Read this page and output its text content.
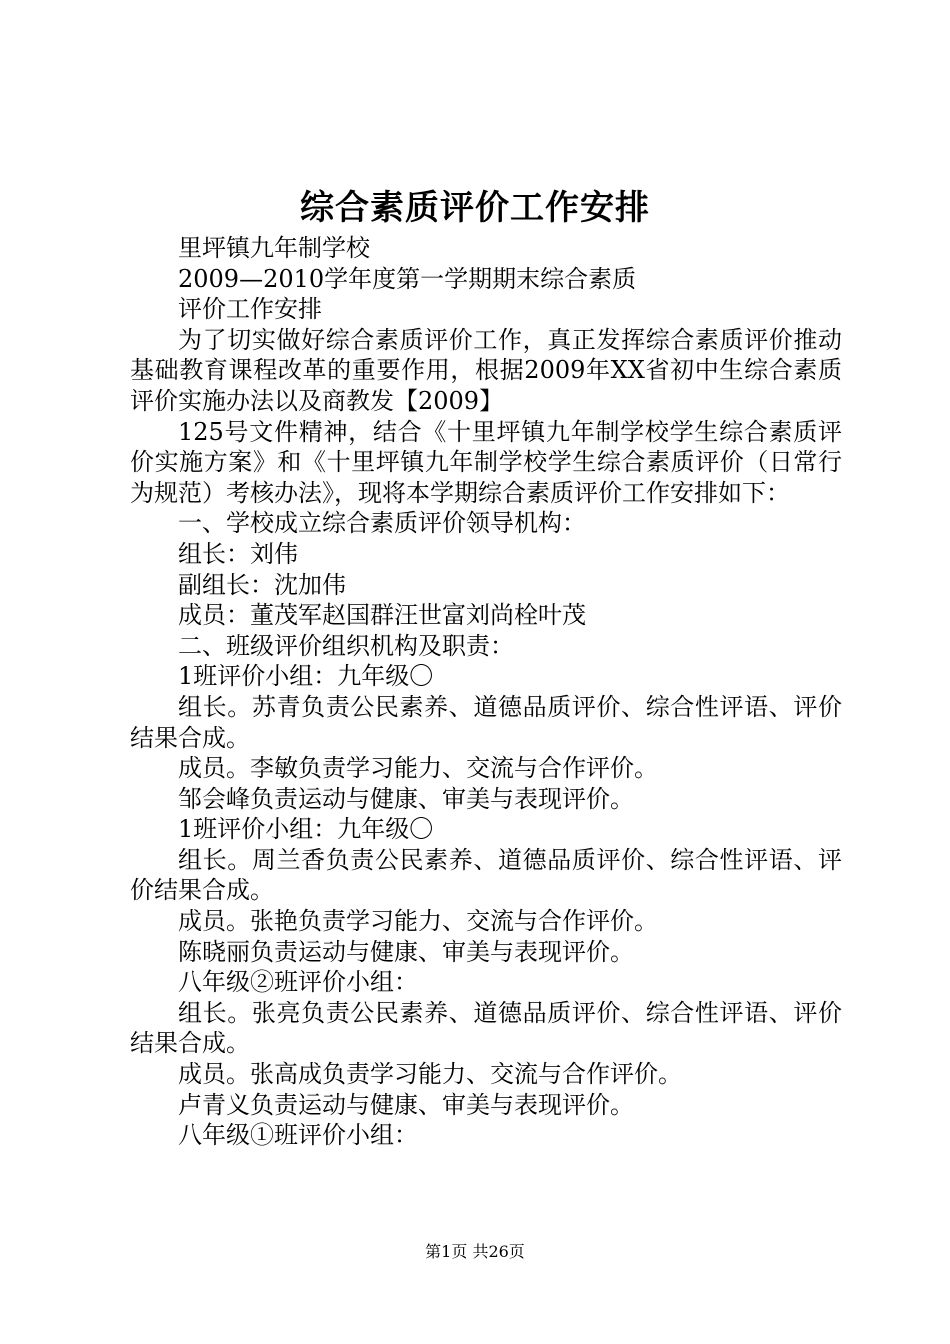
综合素质评价工作安排

里坪镇九年制学校

2009—2010学年度第一学期期末综合素质

评价工作安排

为了切实做好综合素质评价工作，真正发挥综合素质评价推动基础教育课程改革的重要作用，根据2009年XX省初中生综合素质评价实施办法以及商教发【2009】

125号文件精神，结合《十里坪镇九年制学校学生综合素质评价实施方案》和《十里坪镇九年制学校学生综合素质评价（日常行为规范）考核办法》，现将本学期综合素质评价工作安排如下：

一、学校成立综合素质评价领导机构：

组长：刘伟

副组长：沈加伟

成员：董茂军赵国群汪世富刘尚栓叶茂

二、班级评价组织机构及职责：

1班评价小组：九年级〇

组长。苏青负责公民素养、道德品质评价、综合性评语、评价结果合成。

成员。李敏负责学习能力、交流与合作评价。

邹会峰负责运动与健康、审美与表现评价。

1班评价小组：九年级〇

组长。周兰香负责公民素养、道德品质评价、综合性评语、评价结果合成。

成员。张艳负责学习能力、交流与合作评价。

陈晓丽负责运动与健康、审美与表现评价。

八年级②班评价小组：

组长。张亮负责公民素养、道德品质评价、综合性评语、评价结果合成。

成员。张高成负责学习能力、交流与合作评价。

卢青义负责运动与健康、审美与表现评价。

八年级①班评价小组：

第1页 共26页
